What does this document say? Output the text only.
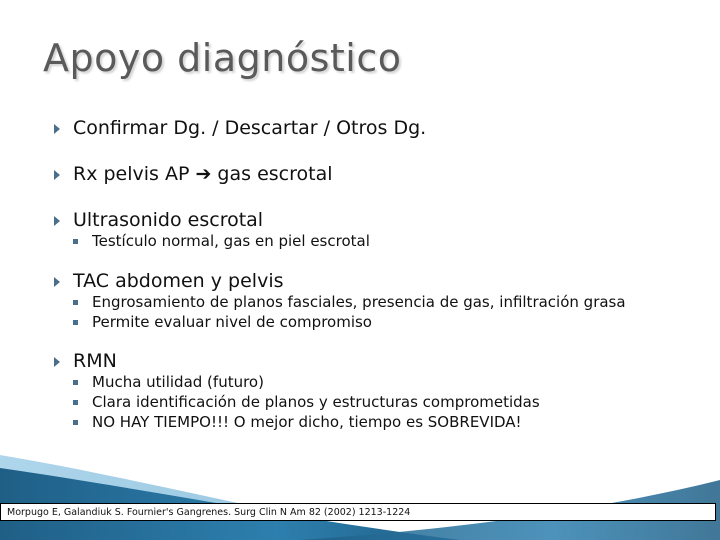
Apoyo diagnóstico
Confirmar Dg. / Descartar / Otros Dg.
Rx pelvis AP ➔ gas escrotal
Ultrasonido escrotal
Testículo normal, gas en piel escrotal
TAC abdomen y pelvis
Engrosamiento de planos fasciales, presencia de gas, infiltración grasa
Permite evaluar nivel de compromiso
RMN
Mucha utilidad (futuro)
Clara identificación de planos y estructuras comprometidas
NO HAY TIEMPO!!! O mejor dicho, tiempo es SOBREVIDA!
Morpugo E, Galandiuk S. Fournier's Gangrenes. Surg Clin N Am 82 (2002) 1213-1224
